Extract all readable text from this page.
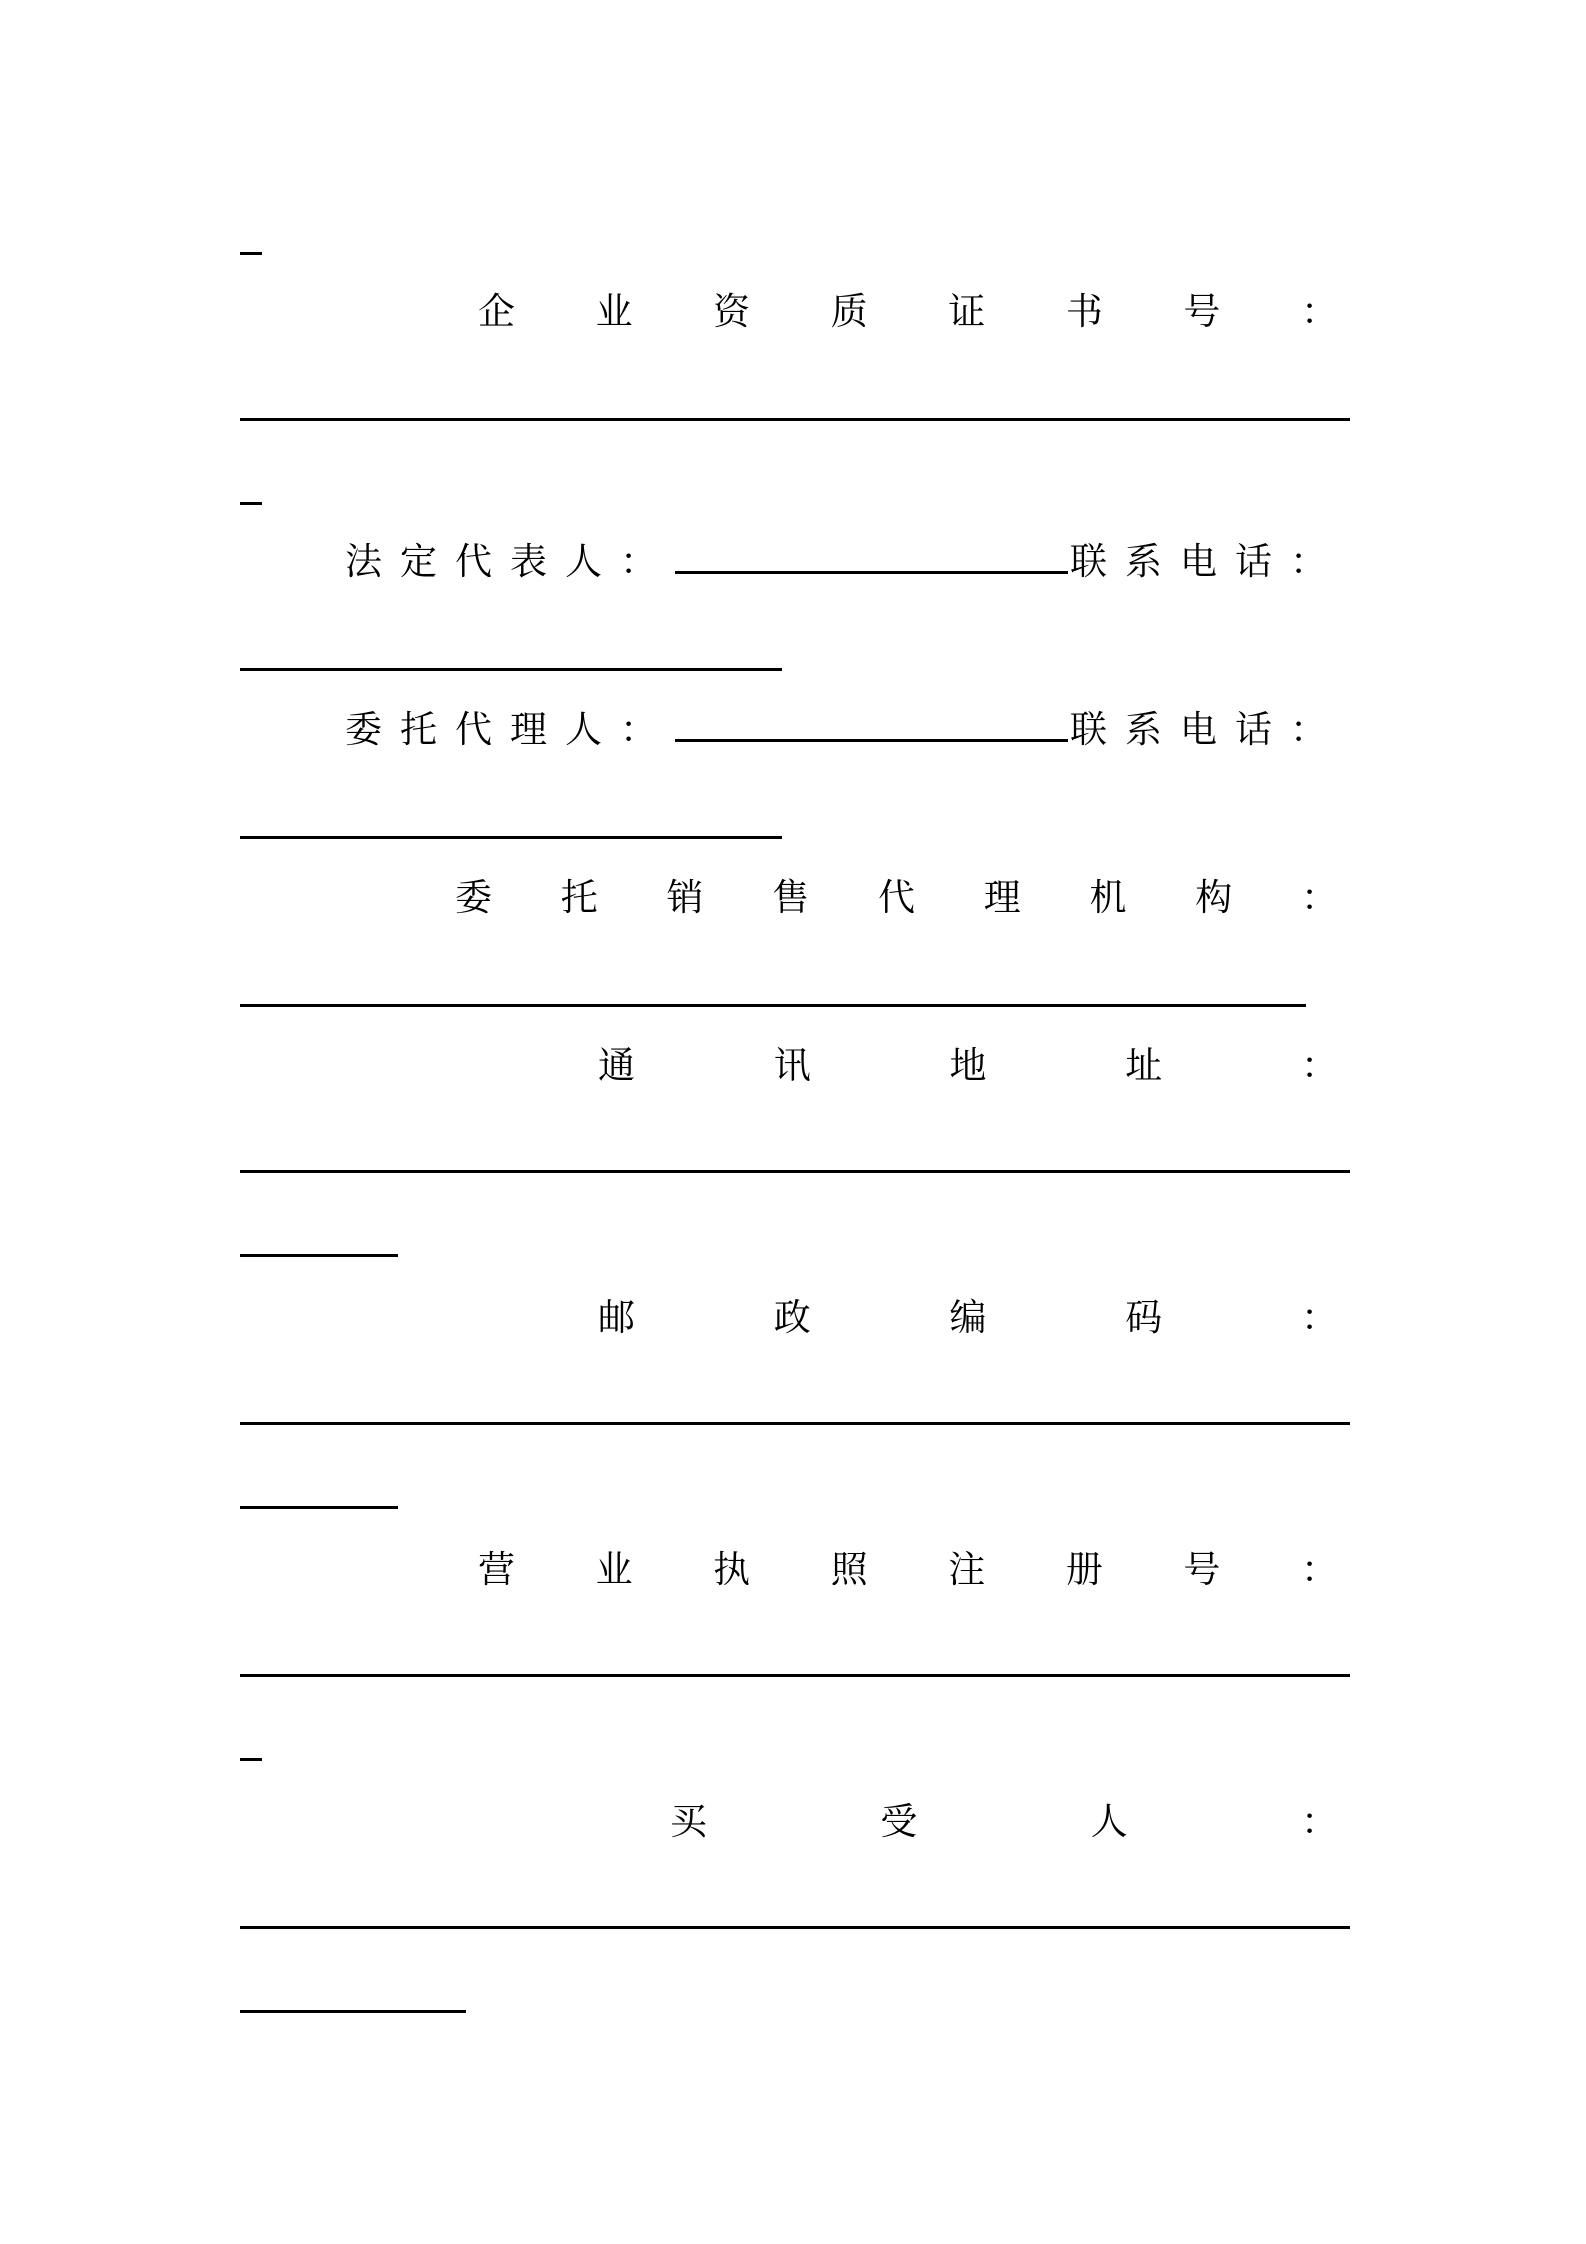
企 业 资 质 证 书 号 ：
法定代表人：	联系电话：
委托代理人：	联系电话：
委 托 销 售 代 理 机 构 ：
通	讯	地	址	：
邮	政	编	码	：
营 业 执 照 注 册 号 ：
买	受	人	：
